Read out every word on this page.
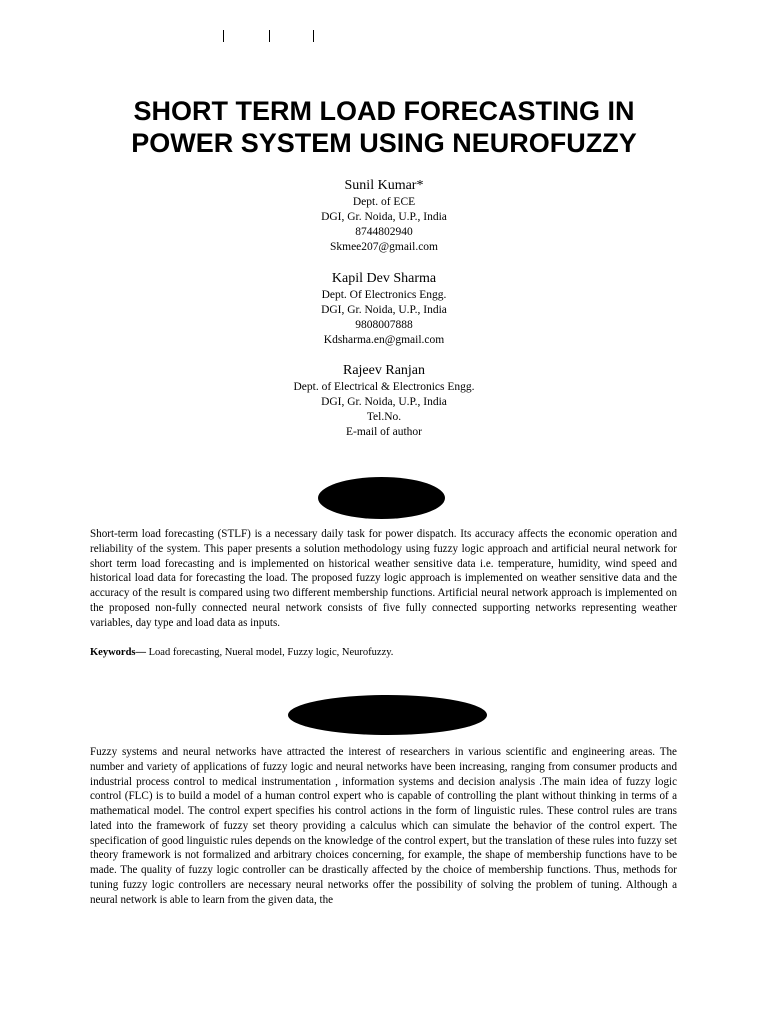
SHORT TERM LOAD FORECASTING IN
POWER SYSTEM USING NEUROFUZZY
Sunil Kumar*
Dept. of ECE
DGI, Gr. Noida, U.P., India
8744802940
Skmee207@gmail.com
Kapil Dev Sharma
Dept. Of Electronics Engg.
DGI, Gr. Noida, U.P., India
9808007888
Kdsharma.en@gmail.com
Rajeev Ranjan
Dept. of Electrical & Electronics Engg.
DGI, Gr. Noida, U.P., India
Tel.No.
E-mail of author

Short-term load forecasting (STLF) is a necessary daily task for power dispatch. Its accuracy affects the economic operation and reliability of the system. This paper presents a solution methodology using fuzzy logic approach and artificial neural network for short term load forecasting and is implemented on historical weather sensitive data i.e. temperature, humidity, wind speed and historical load data for forecasting the load. The proposed fuzzy logic approach is implemented on weather sensitive data and the accuracy of the result is compared using two different membership functions. Artificial neural network approach is implemented on the proposed non-fully connected neural network consists of five fully connected supporting networks representing weather variables, day type and load data as inputs.

Keywords— Load forecasting, Nueral model, Fuzzy logic, Neurofuzzy.

Fuzzy systems and neural networks have attracted the interest of researchers in various scientific and engineering areas. The number and variety of applications of fuzzy logic and neural networks have been increasing, ranging from consumer products and industrial process control to medical instrumentation , information systems and decision analysis .The main idea of fuzzy logic control (FLC) is to build a model of a human control expert who is capable of controlling the plant without thinking in terms of a mathematical model. The control expert specifies his control actions in the form of linguistic rules. These control rules are trans lated into the framework of fuzzy set theory providing a calculus which can simulate the behavior of the control expert. The specification of good linguistic rules depends on the knowledge of the control expert, but the translation of these rules into fuzzy set theory framework is not formalized and arbitrary choices concerning, for example, the shape of membership functions have to be made. The quality of fuzzy logic controller can be drastically affected by the choice of membership functions. Thus, methods for tuning fuzzy logic controllers are necessary neural networks offer the possibility of solving the problem of tuning. Although a neural network is able to learn from the given data, the
